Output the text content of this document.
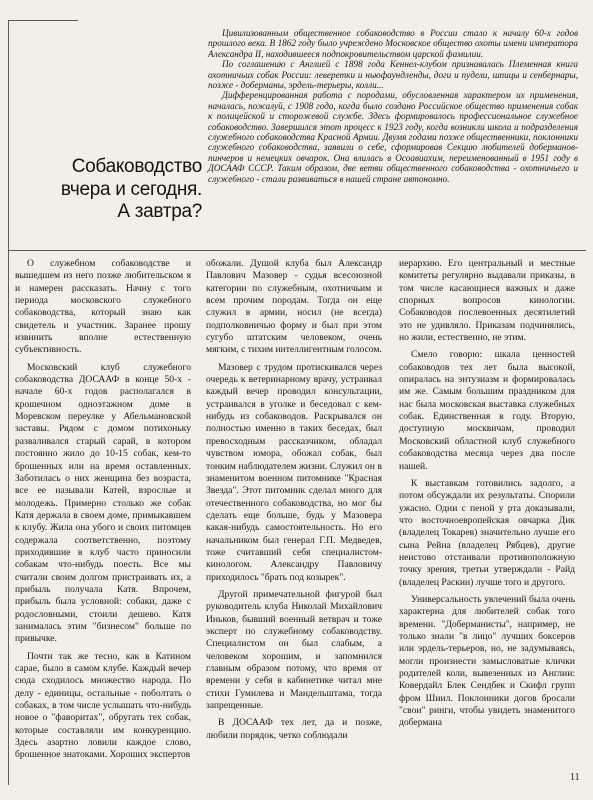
Цивилизованным общественное собаководство в России стало к началу 60-х годов прошлого века. В 1862 году было учреждено Московское общество охоты имени императора Александра II, находившееся подпокровительством царской фамилии.

По соглашению с Англией с 1898 года Кеннел-клубом признавалась Племенная книга охотничьих собак России: леверетки и ньюфаундленды, доги и пудели, шпицы и сенбернары, позже - доберманы, эрдель-терьеры, колли...

Дифференцированная работа с породами, обусловленная характером их применения, началась, пожалуй, с 1908 года, когда было создано Российское общество применения собак к полицейской и сторожевой службе. Здесь формировалось профессиональное служебное собаководство. Завершился этот процесс к 1923 году, когда возникли школа и подразделения служебного собаководства Красной Армии. Двумя годами позже общественники, поклонники служебного собаководства, заявили о себе, сформировав Секцию любителей доберманов-пинчеров и немецких овчарок. Она влилась в Осоавиахим, переименованный в 1951 году в ДОСААФ СССР. Таким образом, две ветви общественного собаководства - охотничьего и служебного - стали развиваться в нашей стране автономно.

Собаководство
вчера и сегодня.
А завтра?

О служебном собаководстве и вышедшем из него позже любительском я и намерен рассказать. Начну с того периода московского служебного собаководства, который знаю как свидетель и участник. Заранее прошу извинить вполне естественную субъективность.

Московский клуб служебного собаководства ДОСААФ в конце 50-х - начале 60-х годов располагался в крошечном одноэтажном доме в Моревском переулке у Абельмановской заставы. Рядом с домом потихоньку разваливался старый сарай, в котором постоянно жило до 10-15 собак, кем-то брошенных или на время оставленных. Заботилась о них женщина без возраста, все ее называли Катей, взрослые и молодежь. Примерно столько же собак Катя держала в своем доме, примыкавшем к клубу. Жила она убого и своих питомцев содержала соответственно, поэтому приходившие в клуб часто приносили собакам что-нибудь поесть. Все мы считали своим долгом пристраивать их, а прибыль получала Катя. Впрочем, прибыль была условной: собаки, даже с родословными, стоили дешево. Катя занималась этим "бизнесом" больше по привычке.

Почти так же тесно, как в Катином сарае, было в самом клубе. Каждый вечер сюда сходилось множество народа. По делу - единицы, остальные - поболтать о собаках, в том числе услышать что-нибудь новое о "фаворитах", обругать тех собак, которые составляли им конкуренцию. Здесь азартно ловили каждое слово, брошенное знатоками. Хороших экспертов

обожали. Душой клуба был Александр Павлович Мазовер - судья всесоюзной категории по служебным, охотничьим и всем прочим породам. Тогда он еще служил в армии, носил (не всегда) подполковничью форму и был при этом сугубо штатским человеком, очень мягким, с тихим интеллигентным голосом.

Мазовер с трудом протискивался через очередь к ветеринарному врачу, устраивал каждый вечер проводил консультации, устраивался в уголке и беседовал с кем-нибудь из собаководов. Раскрывался он полностью именно в таких беседах, был превосходным рассказчиком, обладал чувством юмора, обожал собак, был тонким наблюдателем жизни. Служил он в знаменитом военном питомнике "Красная Звезда". Этот питомник сделал много для отечественного собаководства, но мог бы сделать еще больше, будь у Мазовера какая-нибудь самостоятельность. Но его начальником был генерал Г.П. Медведев, тоже считавший себя специалистом-кинологом. Александру Павловичу приходилось "брать под козырек".

Другой примечательной фигурой был руководитель клуба Николай Михайлович Иньков, бывший военный ветврач и тоже эксперт по служебному собаководству. Специалистом он был слабым, а человеком хорошим, и запомнился главным образом потому, что время от времени у себя в кабинетике читал мне стихи Гумилева и Мандельштама, тогда запрещенные.

В ДОСААФ тех лет, да и позже, любили порядок, четко соблюдали

иерархию. Его центральный и местные комитеты регулярно выдавали приказы, в том числе касающиеся важных и даже спорных вопросов кинологии. Собаководов послевоенных десятилетий это не удивляло. Приказам подчинялись, но жили, естественно, не этим.

Смело говорю: шкала ценностей собаководов тех лет была высокой, опиралась на энтузиазм и формировалась им же. Самым большим праздником для нас была московская выставка служебных собак. Единственная в году. Вторую, доступную москвичам, проводил Московский областной клуб служебного собаководства месяца через два после нашей.

К выставкам готовились задолго, а потом обсуждали их результаты. Спорили ужасно. Одни с пеной у рта доказывали, что восточноевропейская овчарка Дик (владелец Токарев) значительно лучше его сына Рейна (владелец Рябцев), другие неистово отстаивали противоположную точку зрения, третьи утверждали - Райд (владелец Раскин) лучше того и другого.

Универсальность увлечений была очень характерна для любителей собак того времени. "Доберманисты", например, не только знали "в лицо" лучших боксеров или эрдель-терьеров, но, не задумываясь, могли произнести замысловатые клички родителей коли, вывезенных из Англии: Ковердайл Блек Сендбек и Скифл групп фром Шиил. Поклонники догов бросали "свои" ринги, чтобы увидеть знаменитого добермана

11
